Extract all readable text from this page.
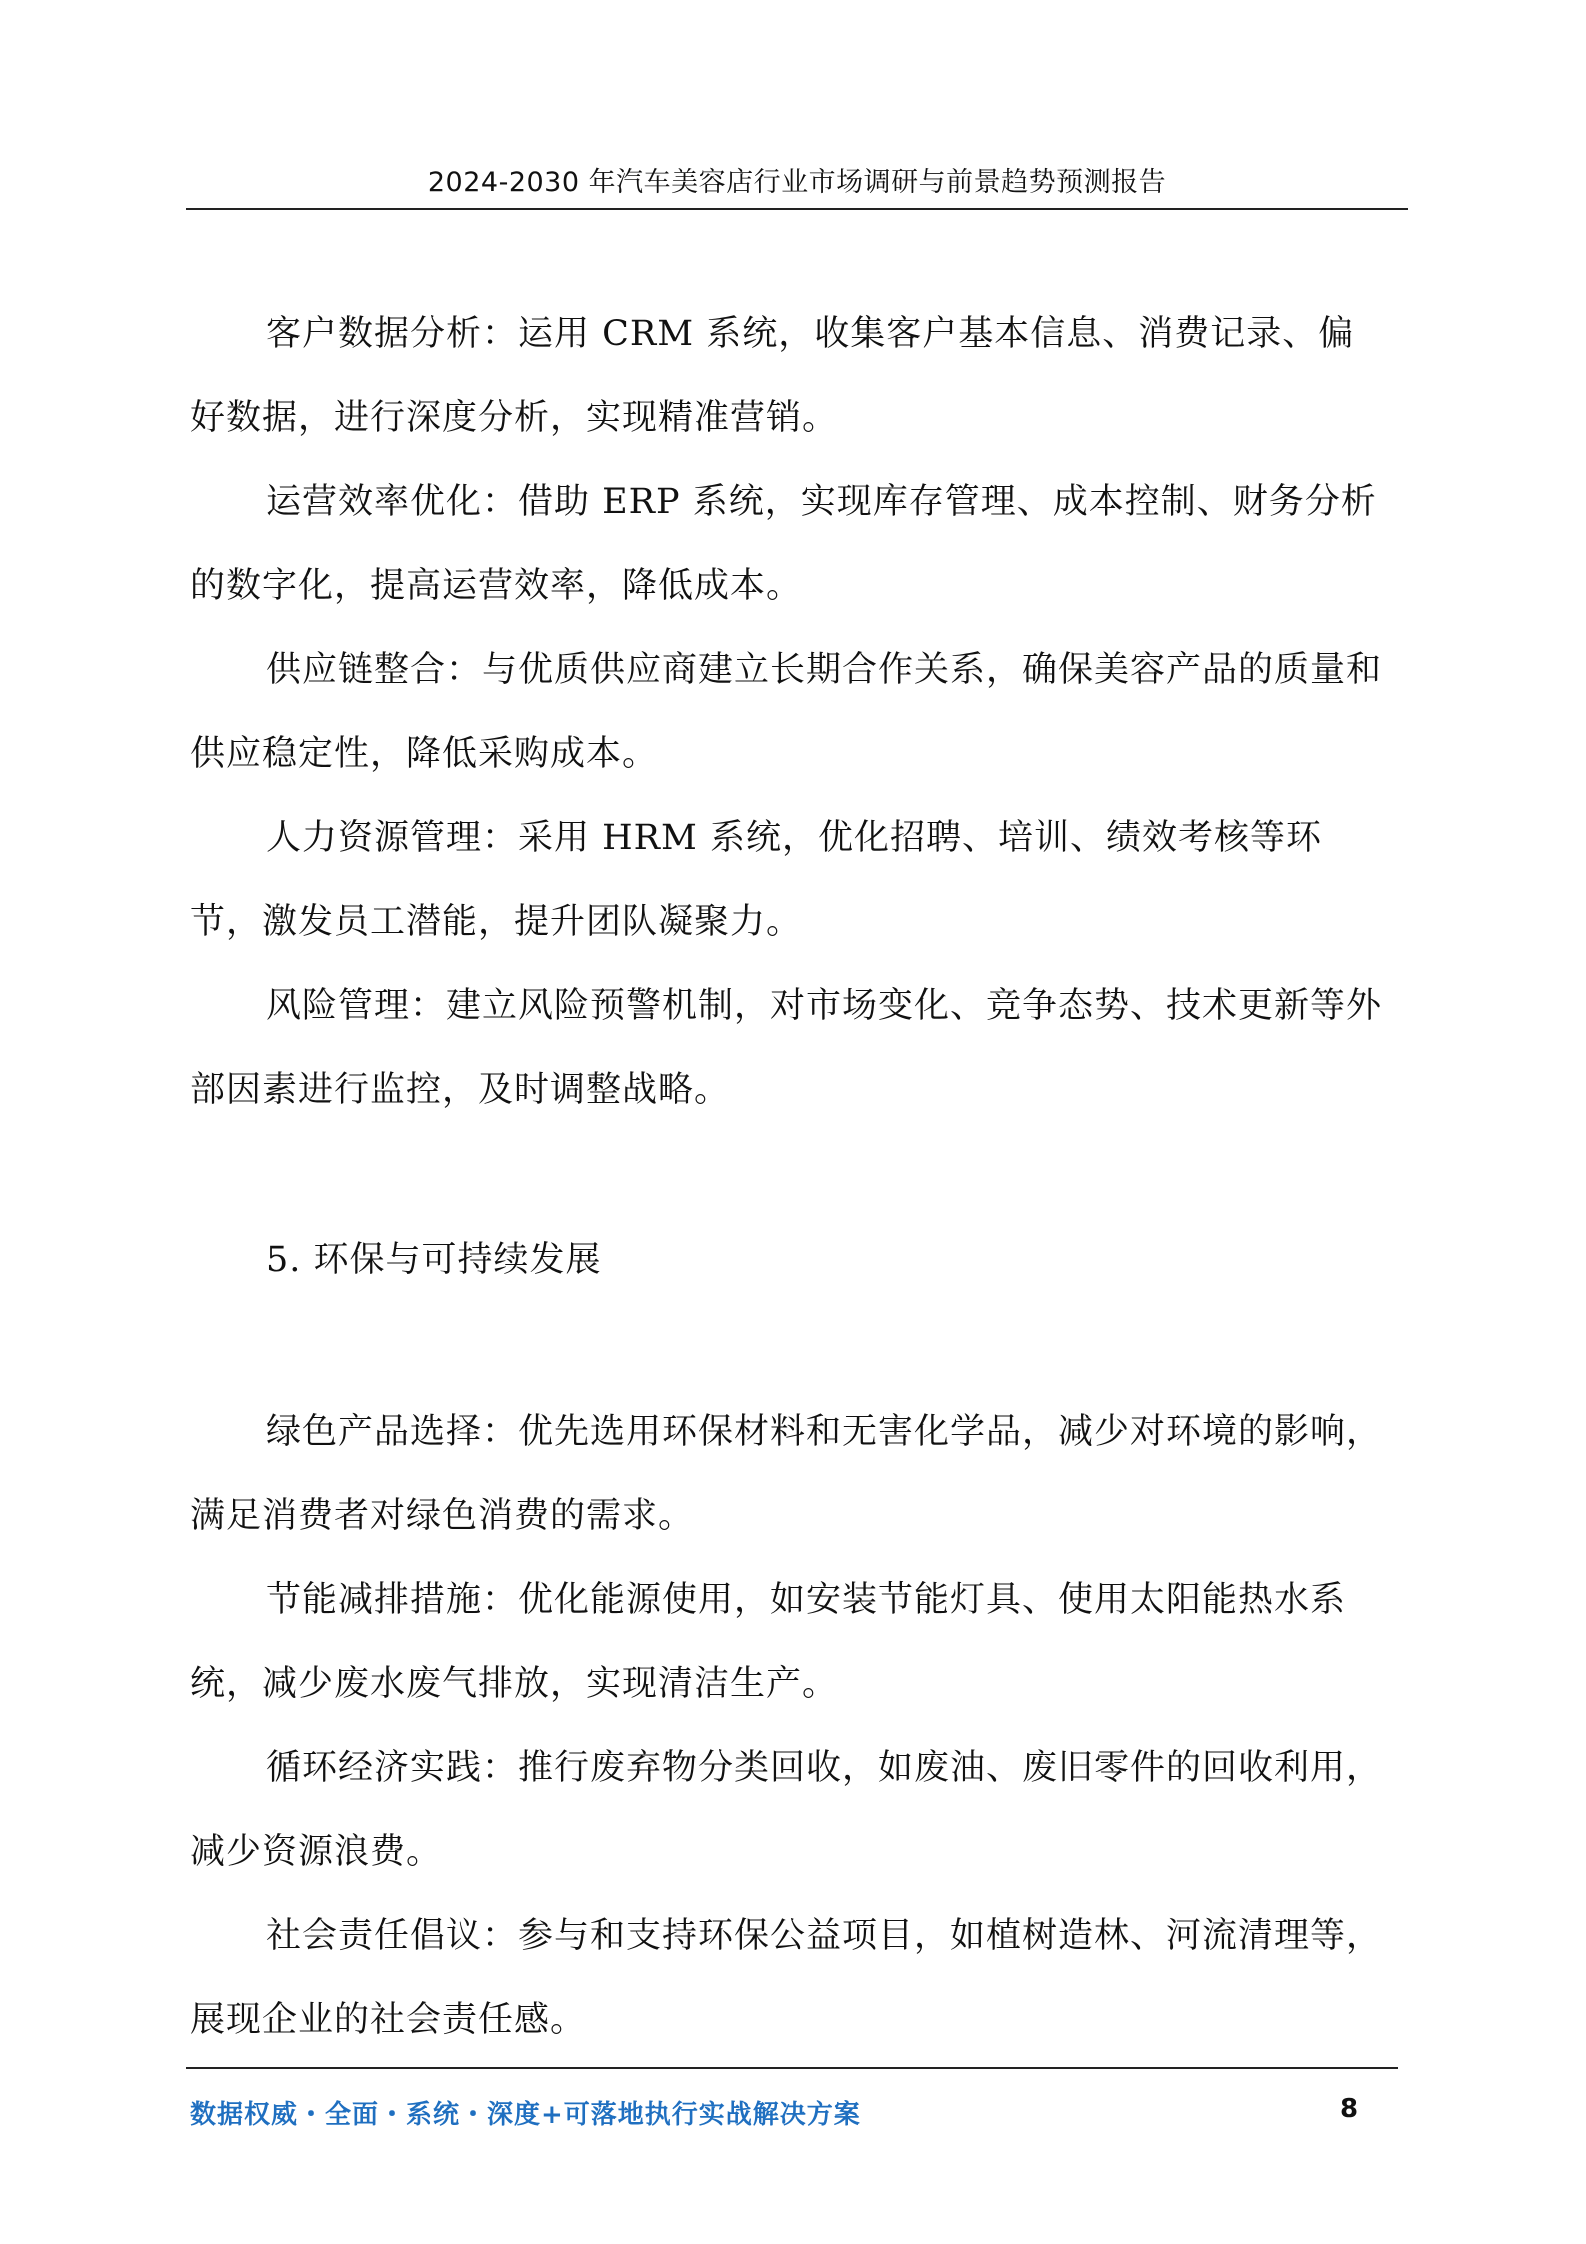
2024-2030 年汽车美容店行业市场调研与前景趋势预测报告

客户数据分析：运用 CRM 系统，收集客户基本信息、消费记录、偏好数据，进行深度分析，实现精准营销。

运营效率优化：借助 ERP 系统，实现库存管理、成本控制、财务分析的数字化，提高运营效率，降低成本。

供应链整合：与优质供应商建立长期合作关系，确保美容产品的质量和供应稳定性，降低采购成本。

人力资源管理：采用 HRM 系统，优化招聘、培训、绩效考核等环节，激发员工潜能，提升团队凝聚力。

风险管理：建立风险预警机制，对市场变化、竞争态势、技术更新等外部因素进行监控，及时调整战略。

5. 环保与可持续发展

绿色产品选择：优先选用环保材料和无害化学品，减少对环境的影响，满足消费者对绿色消费的需求。

节能减排措施：优化能源使用，如安装节能灯具、使用太阳能热水系统，减少废水废气排放，实现清洁生产。

循环经济实践：推行废弃物分类回收，如废油、废旧零件的回收利用，减少资源浪费。

社会责任倡议：参与和支持环保公益项目，如植树造林、河流清理等，展现企业的社会责任感。

数据权威・全面・系统・深度+可落地执行实战解决方案	8
